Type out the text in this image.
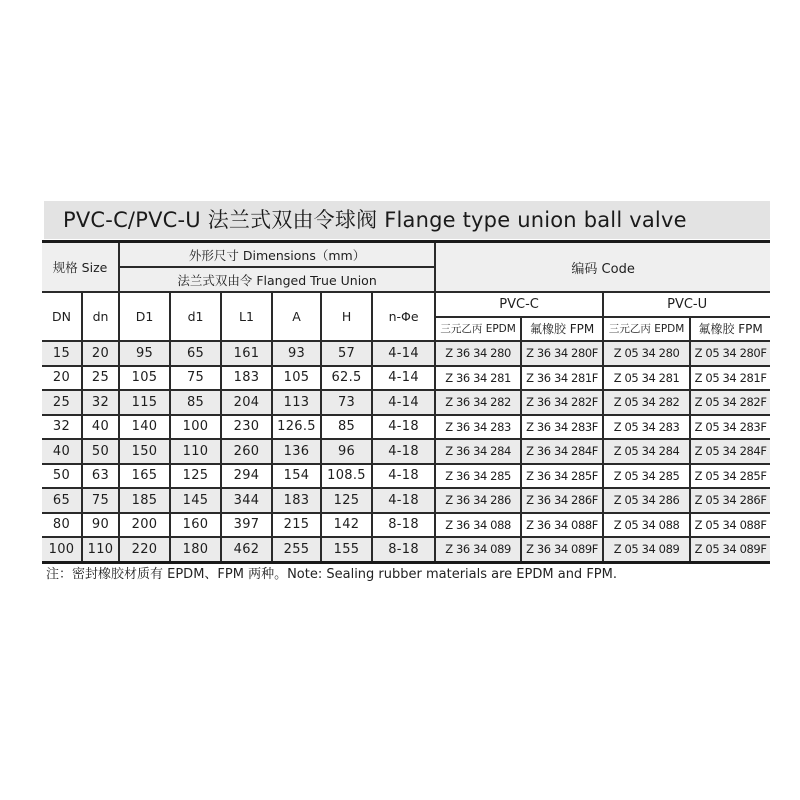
PVC-C/PVC-U 法兰式双由令球阀 Flange type union ball valve
规格 Size		外形尺寸 Dimensions（mm）						编码 Code			
		法兰式双由令 Flanged True Union									
DN	dn	D1	d1	L1	A	H	n-Φe	PVC-C		PVC-U	
								三元乙丙 EPDM	氟橡胶 FPM	三元乙丙 EPDM	氟橡胶 FPM
15	20	95	65	161	93	57	4-14	Z 36 34 280	Z 36 34 280F	Z 05 34 280	Z 05 34 280F
20	25	105	75	183	105	62.5	4-14	Z 36 34 281	Z 36 34 281F	Z 05 34 281	Z 05 34 281F
25	32	115	85	204	113	73	4-14	Z 36 34 282	Z 36 34 282F	Z 05 34 282	Z 05 34 282F
32	40	140	100	230	126.5	85	4-18	Z 36 34 283	Z 36 34 283F	Z 05 34 283	Z 05 34 283F
40	50	150	110	260	136	96	4-18	Z 36 34 284	Z 36 34 284F	Z 05 34 284	Z 05 34 284F
50	63	165	125	294	154	108.5	4-18	Z 36 34 285	Z 36 34 285F	Z 05 34 285	Z 05 34 285F
65	75	185	145	344	183	125	4-18	Z 36 34 286	Z 36 34 286F	Z 05 34 286	Z 05 34 286F
80	90	200	160	397	215	142	8-18	Z 36 34 088	Z 36 34 088F	Z 05 34 088	Z 05 34 088F
100	110	220	180	462	255	155	8-18	Z 36 34 089	Z 36 34 089F	Z 05 34 089	Z 05 34 089F
注：密封橡胶材质有 EPDM、FPM 两种。Note: Sealing rubber materials are EPDM and FPM.
